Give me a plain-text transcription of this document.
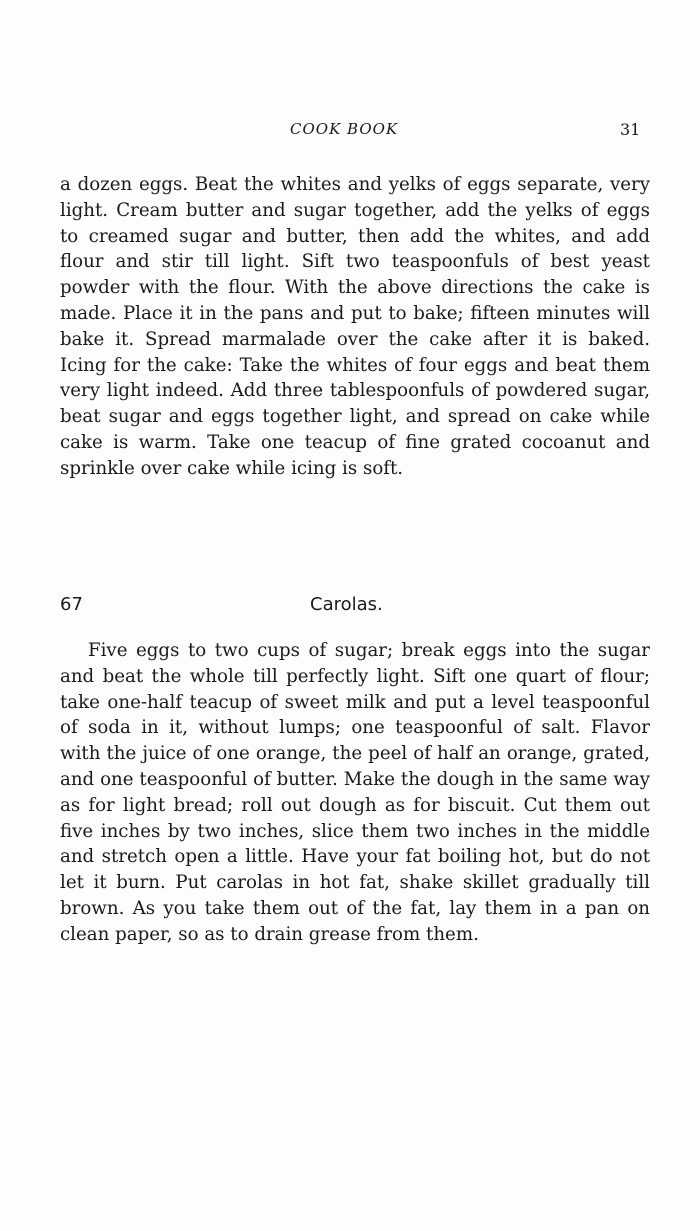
COOK BOOK	31

a dozen eggs. Beat the whites and yelks of eggs separate, very light. Cream butter and sugar together, add the yelks of eggs to creamed sugar and butter, then add the whites, and add flour and stir till light. Sift two teaspoonfuls of best yeast powder with the flour. With the above directions the cake is made. Place it in the pans and put to bake; fifteen minutes will bake it. Spread marmalade over the cake after it is baked. Icing for the cake: Take the whites of four eggs and beat them very light indeed. Add three tablespoonfuls of powdered sugar, beat sugar and eggs together light, and spread on cake while cake is warm. Take one teacup of fine grated cocoanut and sprinkle over cake while icing is soft.

67	Carolas.

Five eggs to two cups of sugar; break eggs into the sugar and beat the whole till perfectly light. Sift one quart of flour; take one-half teacup of sweet milk and put a level teaspoonful of soda in it, without lumps; one teaspoonful of salt. Flavor with the juice of one orange, the peel of half an orange, grated, and one teaspoonful of butter. Make the dough in the same way as for light bread; roll out dough as for biscuit. Cut them out five inches by two inches, slice them two inches in the middle and stretch open a little. Have your fat boiling hot, but do not let it burn. Put carolas in hot fat, shake skillet gradually till brown. As you take them out of the fat, lay them in a pan on clean paper, so as to drain grease from them.
